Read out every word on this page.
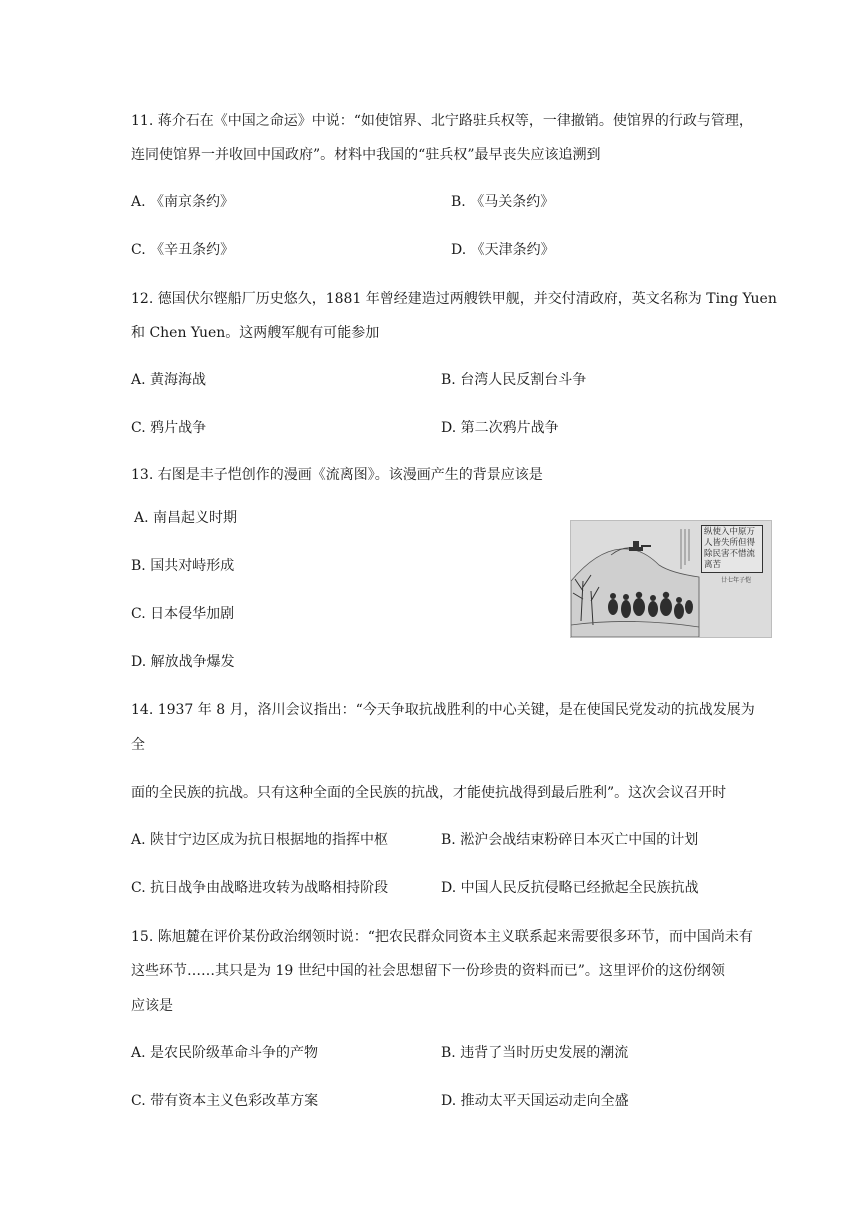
11. 蒋介石在《中国之命运》中说：“如使馆界、北宁路驻兵权等，一律撤销。使馆界的行政与管理，
连同使馆界一并收回中国政府”。材料中我国的“驻兵权”最早丧失应该追溯到
A. 《南京条约》	B. 《马关条约》
C. 《辛丑条约》	D. 《天津条约》
12. 德国伏尔铿船厂历史悠久，1881 年曾经建造过两艘铁甲舰，并交付清政府，英文名称为 Ting Yuen
和 Chen Yuen。这两艘军舰有可能参加
A. 黄海海战	B. 台湾人民反割台斗争
C. 鸦片战争	D. 第二次鸦片战争
13. 右图是丰子恺创作的漫画《流离图》。该漫画产生的背景应该是
A. 南昌起义时期
B. 国共对峙形成
C. 日本侵华加剧
D. 解放战争爆发
纵使入中原万人皆失所但得除民害不惜流离苦
廿七年子恺
14. 1937 年 8 月，洛川会议指出：“今天争取抗战胜利的中心关键，是在使国民党发动的抗战发展为
全
面的全民族的抗战。只有这种全面的全民族的抗战，才能使抗战得到最后胜利”。这次会议召开时
A. 陕甘宁边区成为抗日根据地的指挥中枢	B. 淞沪会战结束粉碎日本灭亡中国的计划
C. 抗日战争由战略进攻转为战略相持阶段	D. 中国人民反抗侵略已经掀起全民族抗战
15. 陈旭麓在评价某份政治纲领时说：“把农民群众同资本主义联系起来需要很多环节，而中国尚未有
这些环节……其只是为 19 世纪中国的社会思想留下一份珍贵的资料而已”。这里评价的这份纲领
应该是
A. 是农民阶级革命斗争的产物	B. 违背了当时历史发展的潮流
C. 带有资本主义色彩改革方案	D. 推动太平天国运动走向全盛
